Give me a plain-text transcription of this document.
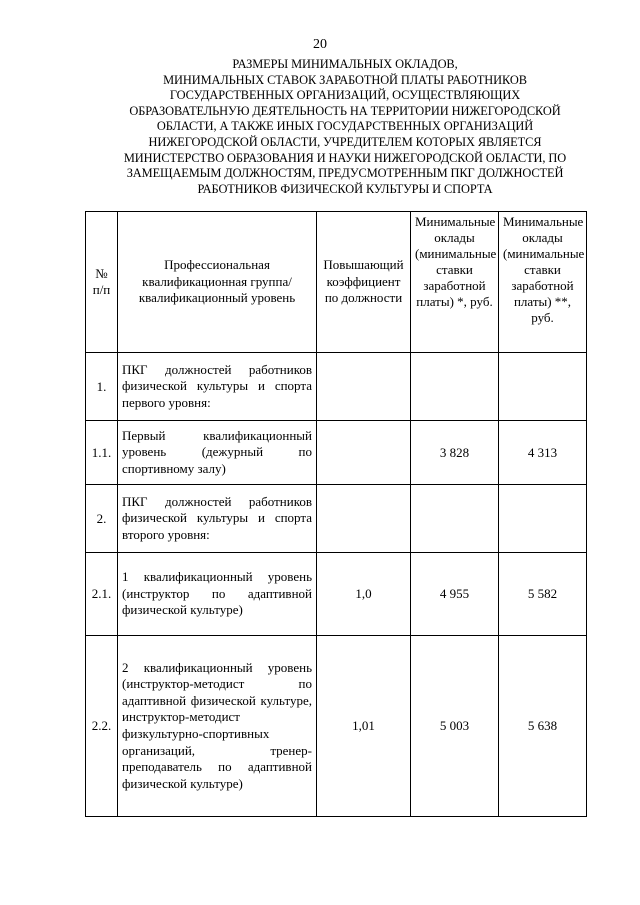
20
РАЗМЕРЫ МИНИМАЛЬНЫХ ОКЛАДОВ,
МИНИМАЛЬНЫХ СТАВОК ЗАРАБОТНОЙ ПЛАТЫ РАБОТНИКОВ
ГОСУДАРСТВЕННЫХ ОРГАНИЗАЦИЙ, ОСУЩЕСТВЛЯЮЩИХ
ОБРАЗОВАТЕЛЬНУЮ ДЕЯТЕЛЬНОСТЬ НА ТЕРРИТОРИИ НИЖЕГОРОДСКОЙ
ОБЛАСТИ, А ТАКЖЕ ИНЫХ ГОСУДАРСТВЕННЫХ ОРГАНИЗАЦИЙ
НИЖЕГОРОДСКОЙ ОБЛАСТИ, УЧРЕДИТЕЛЕМ КОТОРЫХ ЯВЛЯЕТСЯ
МИНИСТЕРСТВО ОБРАЗОВАНИЯ И НАУКИ НИЖЕГОРОДСКОЙ ОБЛАСТИ, ПО
ЗАМЕЩАЕМЫМ ДОЛЖНОСТЯМ, ПРЕДУСМОТРЕННЫМ ПКГ ДОЛЖНОСТЕЙ
РАБОТНИКОВ ФИЗИЧЕСКОЙ КУЛЬТУРЫ И СПОРТА
№ п/п	Профессиональная квалификационная группа/квалификационный уровень	Повышающий коэффициент по должности	Минимальные оклады (минимальные ставки заработной платы) *, руб.	Минимальные оклады (минимальные ставки заработной платы) **, руб.
1.	ПКГ должностей работников физической культуры и спорта первого уровня:			
1.1.	Первый квалификационный уровень (дежурный по спортивному залу)		3 828	4 313
2.	ПКГ должностей работников физической культуры и спорта второго уровня:			
2.1.	1 квалификационный уровень (инструктор по адаптивной физической культуре)	1,0	4 955	5 582
2.2.	2 квалификационный уровень (инструктор-методист по адаптивной физической культуре, инструктор-методист физкультурно-спортивных организаций, тренер-преподаватель по адаптивной физической культуре)	1,01	5 003	5 638
